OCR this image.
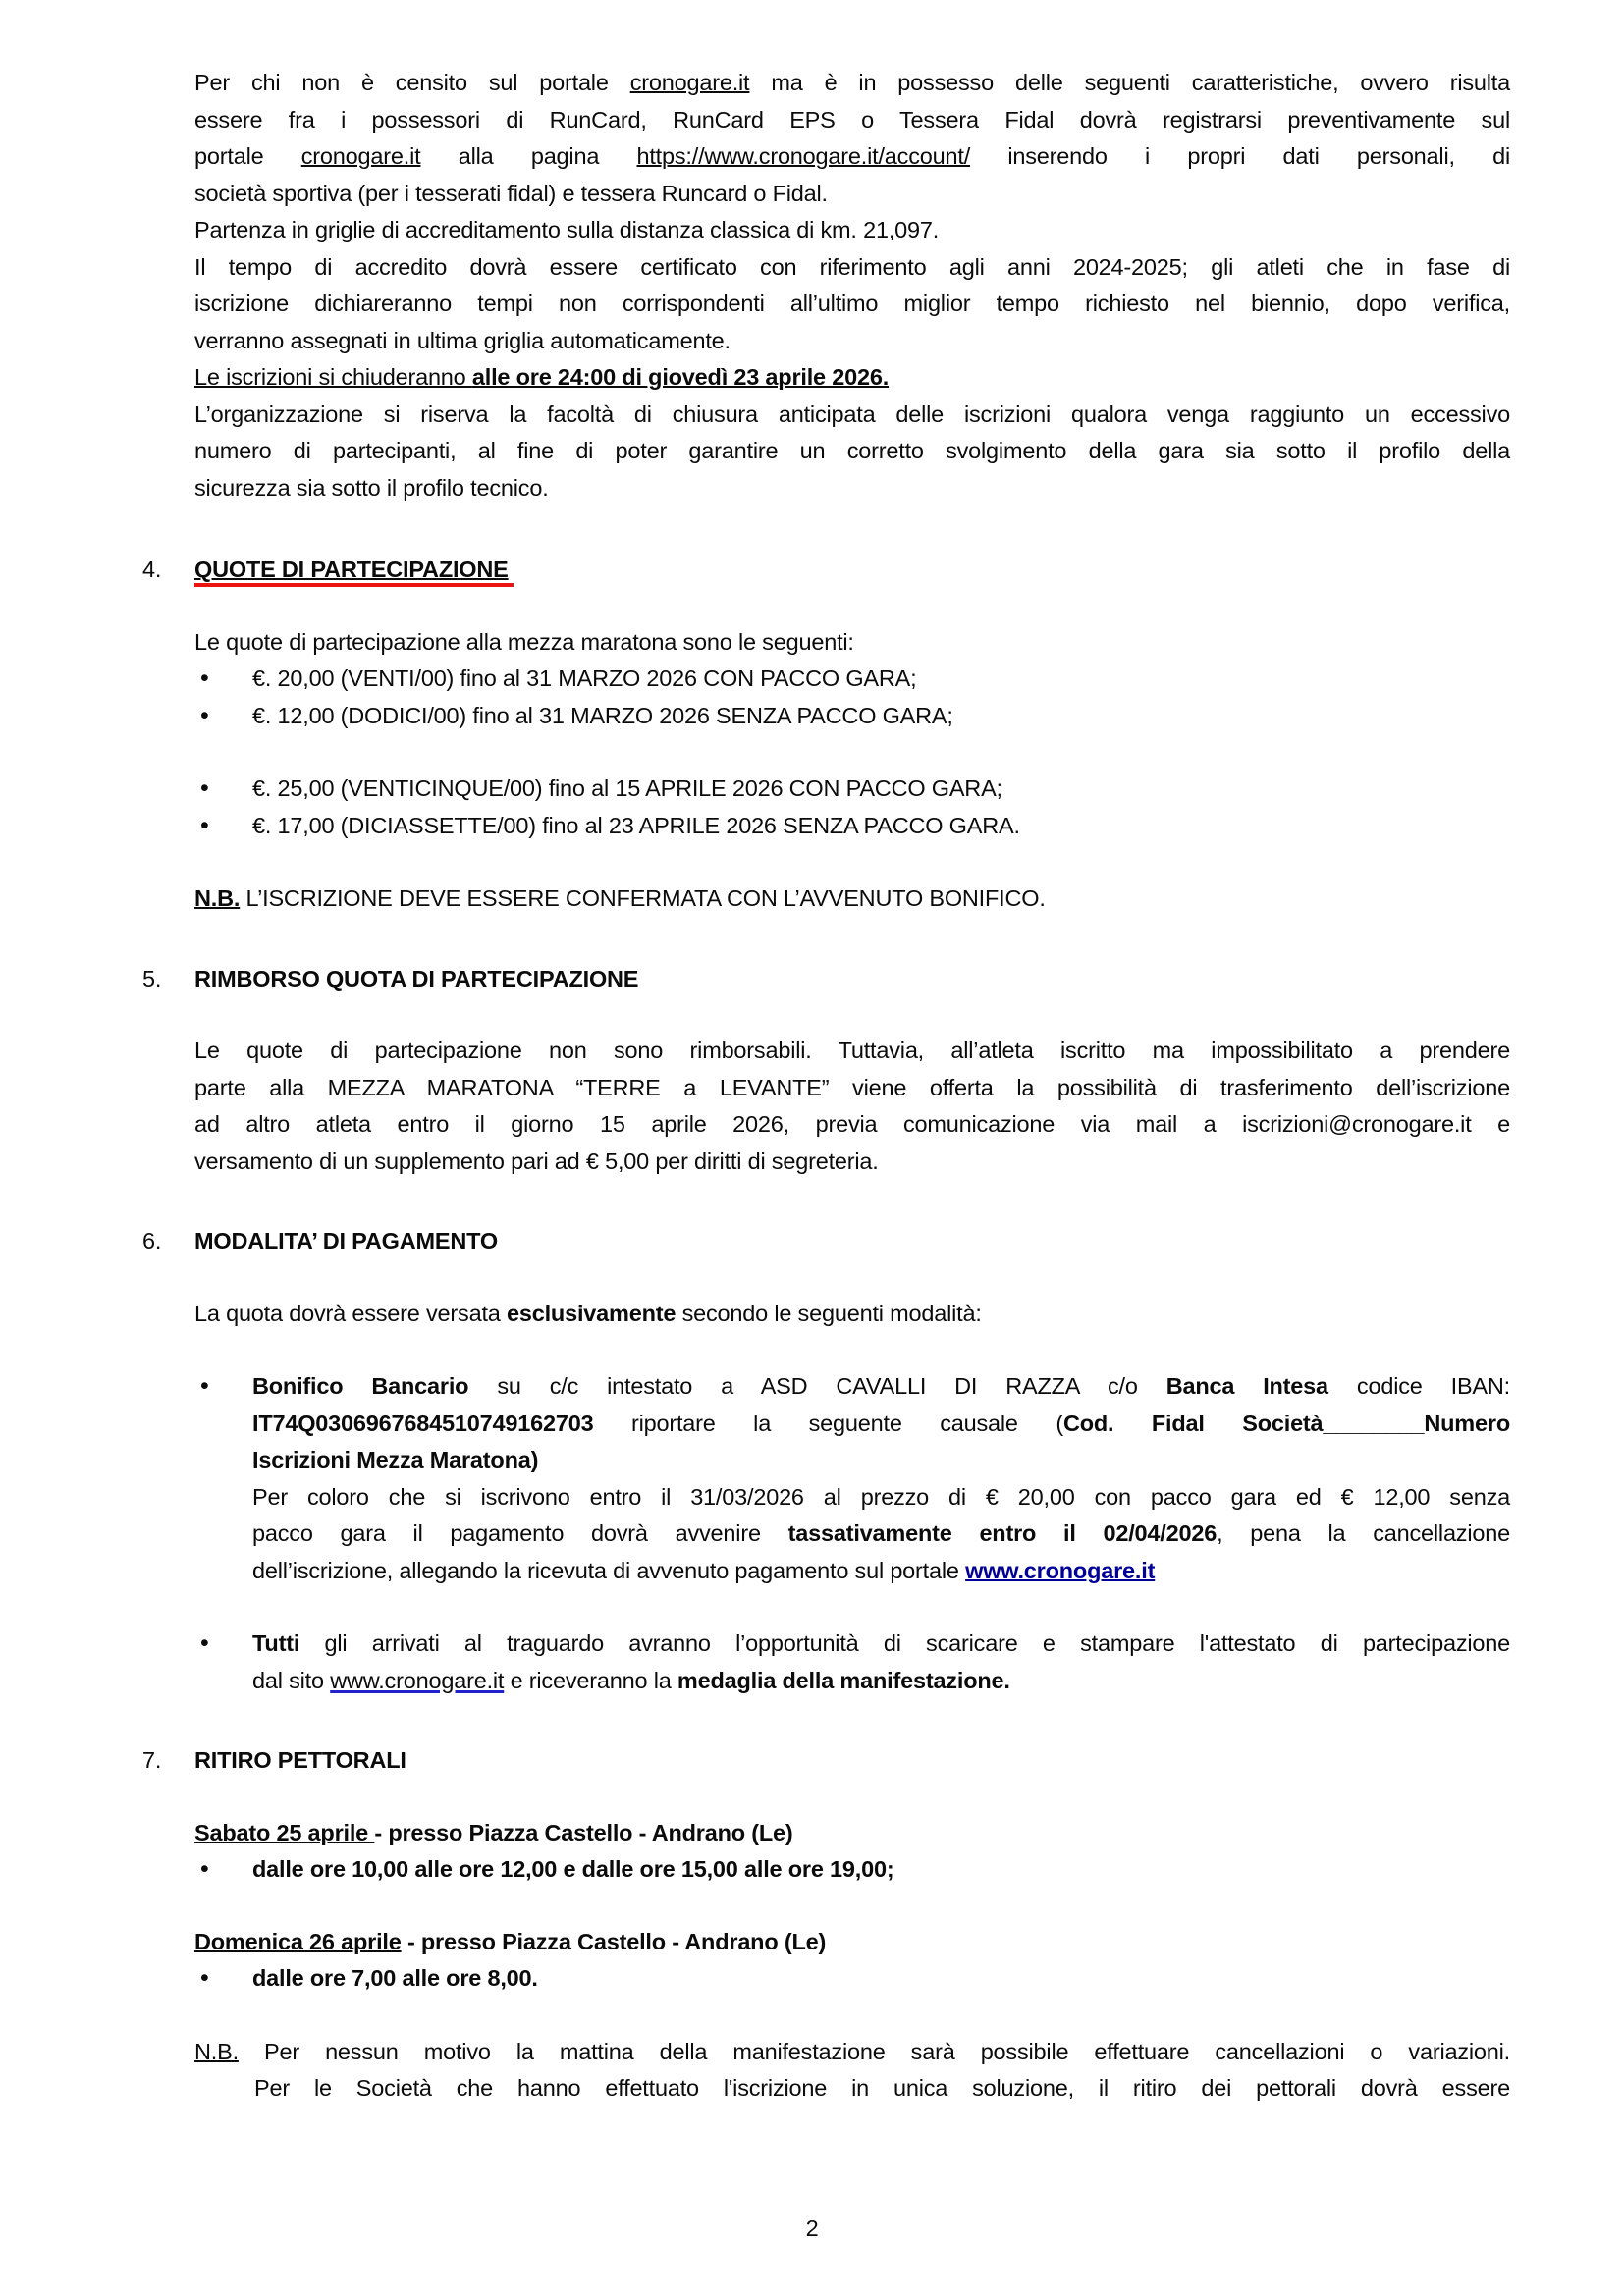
Per chi non è censito sul portale cronogare.it ma è in possesso delle seguenti caratteristiche, ovvero risulta
essere fra i possessori di RunCard, RunCard EPS o Tessera Fidal dovrà registrarsi preventivamente sul
portale cronogare.it alla pagina https://www.cronogare.it/account/ inserendo i propri dati personali, di
società sportiva (per i tesserati fidal) e tessera Runcard o Fidal.
Partenza in griglie di accreditamento sulla distanza classica di km. 21,097.
Il tempo di accredito dovrà essere certificato con riferimento agli anni 2024-2025; gli atleti che in fase di
iscrizione dichiareranno tempi non corrispondenti all’ultimo miglior tempo richiesto nel biennio, dopo verifica,
verranno assegnati in ultima griglia automaticamente.
Le iscrizioni si chiuderanno alle ore 24:00 di giovedì 23 aprile 2026.
L’organizzazione si riserva la facoltà di chiusura anticipata delle iscrizioni qualora venga raggiunto un eccessivo
numero di partecipanti, al fine di poter garantire un corretto svolgimento della gara sia sotto il profilo della
sicurezza sia sotto il profilo tecnico.
4. QUOTE DI PARTECIPAZIONE
Le quote di partecipazione alla mezza maratona sono le seguenti:
• €. 20,00 (VENTI/00) fino al 31 MARZO 2026 CON PACCO GARA;
• €. 12,00 (DODICI/00) fino al 31 MARZO 2026 SENZA PACCO GARA;
• €. 25,00 (VENTICINQUE/00) fino al 15 APRILE 2026 CON PACCO GARA;
• €. 17,00 (DICIASSETTE/00) fino al 23 APRILE 2026 SENZA PACCO GARA.
N.B. L’ISCRIZIONE DEVE ESSERE CONFERMATA CON L’AVVENUTO BONIFICO.
5. RIMBORSO QUOTA DI PARTECIPAZIONE
Le quote di partecipazione non sono rimborsabili. Tuttavia, all’atleta iscritto ma impossibilitato a prendere
parte alla MEZZA MARATONA “TERRE a LEVANTE” viene offerta la possibilità di trasferimento dell’iscrizione
ad altro atleta entro il giorno 15 aprile 2026, previa comunicazione via mail a iscrizioni@cronogare.it e
versamento di un supplemento pari ad € 5,00 per diritti di segreteria.
6. MODALITA’ DI PAGAMENTO
La quota dovrà essere versata esclusivamente secondo le seguenti modalità:
• Bonifico Bancario su c/c intestato a ASD CAVALLI DI RAZZA c/o Banca Intesa codice IBAN:
IT74Q0306967684510749162703 riportare la seguente causale (Cod. Fidal Società________Numero
Iscrizioni Mezza Maratona)
Per coloro che si iscrivono entro il 31/03/2026 al prezzo di € 20,00 con pacco gara ed € 12,00 senza
pacco gara il pagamento dovrà avvenire tassativamente entro il 02/04/2026, pena la cancellazione
dell’iscrizione, allegando la ricevuta di avvenuto pagamento sul portale www.cronogare.it
• Tutti gli arrivati al traguardo avranno l’opportunità di scaricare e stampare l'attestato di partecipazione
dal sito www.cronogare.it e riceveranno la medaglia della manifestazione.
7. RITIRO PETTORALI
Sabato 25 aprile - presso Piazza Castello - Andrano (Le)
• dalle ore 10,00 alle ore 12,00 e dalle ore 15,00 alle ore 19,00;
Domenica 26 aprile - presso Piazza Castello - Andrano (Le)
• dalle ore 7,00 alle ore 8,00.
N.B. Per nessun motivo la mattina della manifestazione sarà possibile effettuare cancellazioni o variazioni.
Per le Società che hanno effettuato l'iscrizione in unica soluzione, il ritiro dei pettorali dovrà essere
2
